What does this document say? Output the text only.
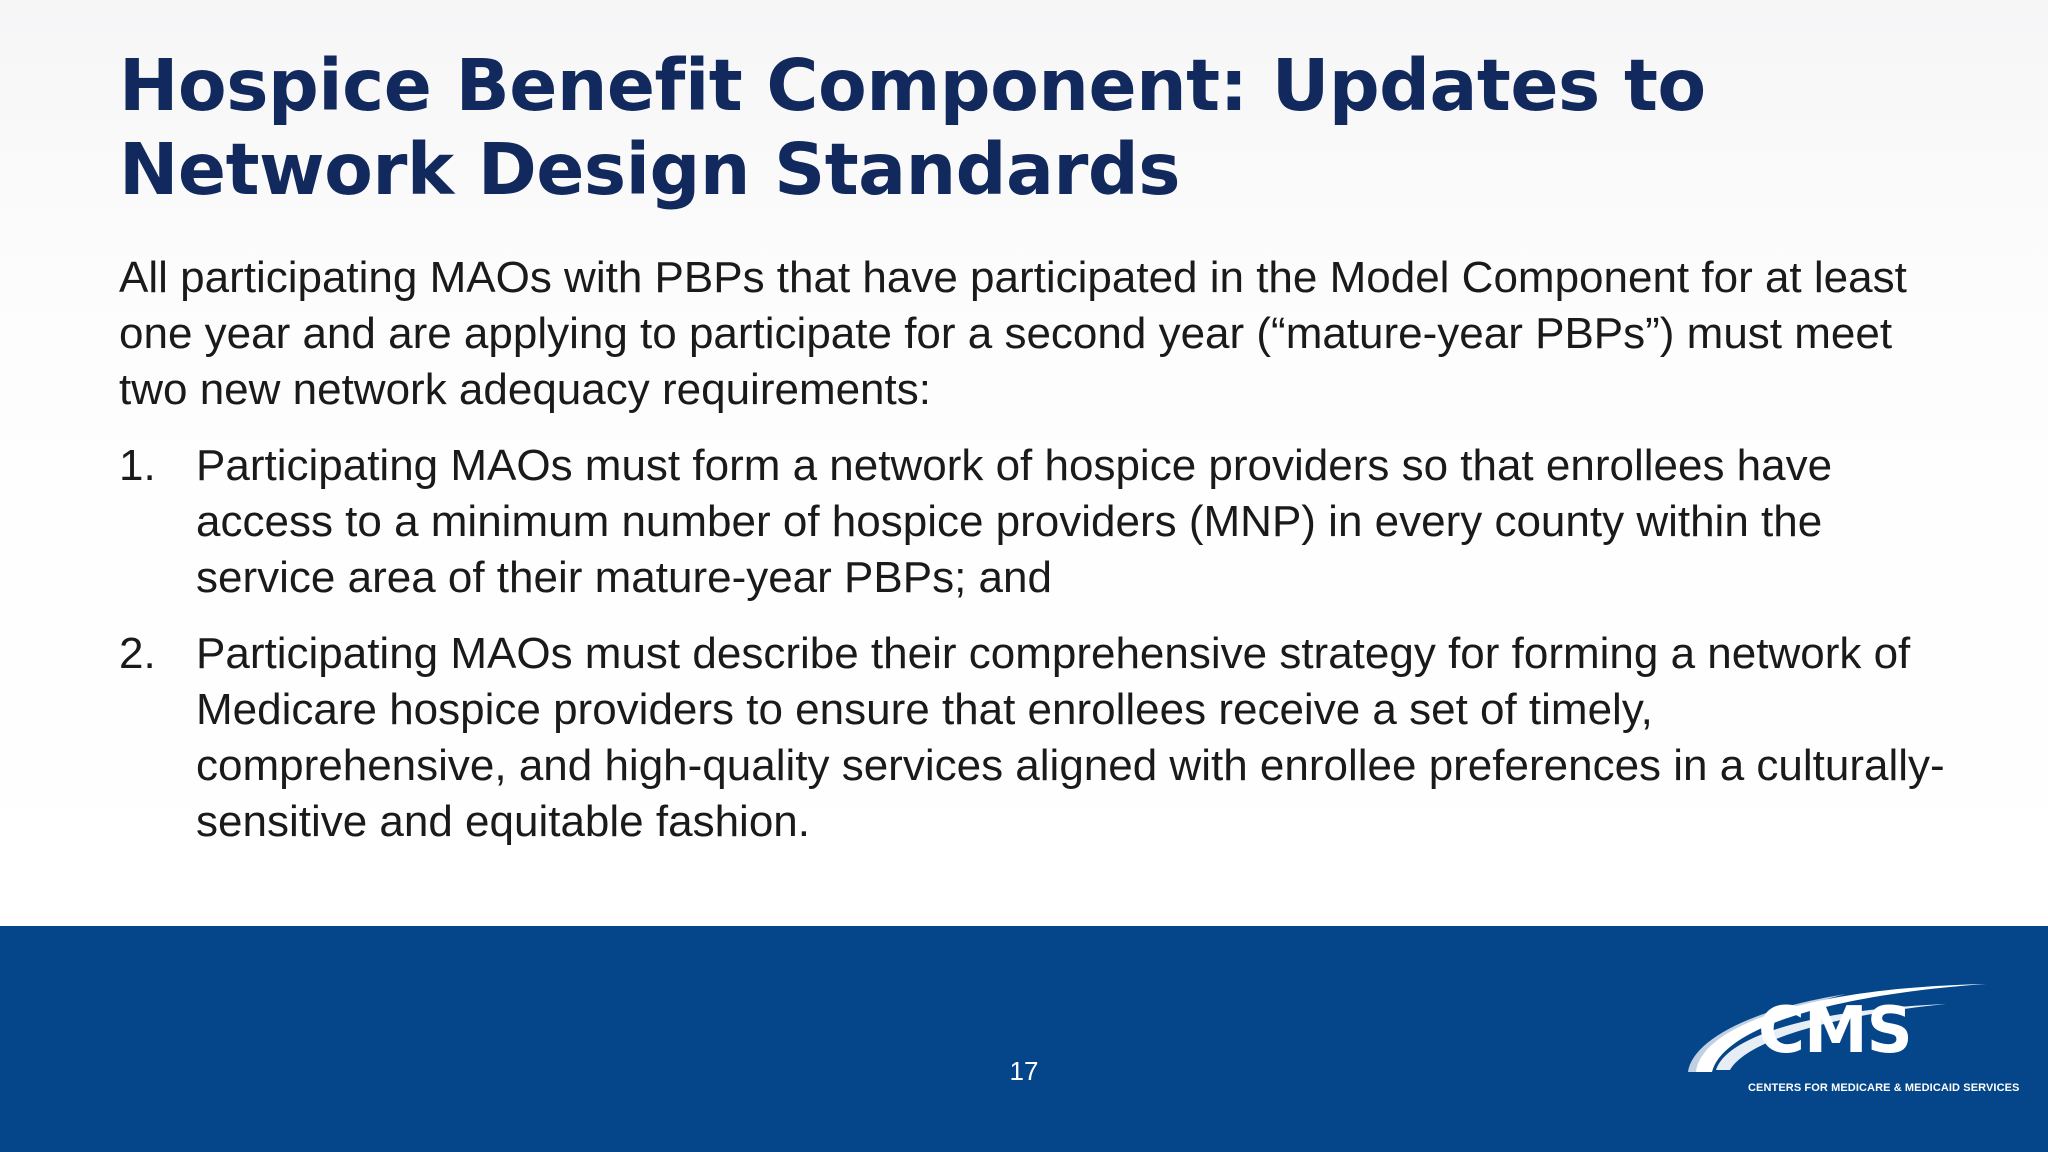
Hospice Benefit Component: Updates to Network Design Standards

All participating MAOs with PBPs that have participated in the Model Component for at least one year and are applying to participate for a second year (“mature-year PBPs”) must meet two new network adequacy requirements:

1. Participating MAOs must form a network of hospice providers so that enrollees have access to a minimum number of hospice providers (MNP) in every county within the service area of their mature-year PBPs; and
2. Participating MAOs must describe their comprehensive strategy for forming a network of Medicare hospice providers to ensure that enrollees receive a set of timely, comprehensive, and high-quality services aligned with enrollee preferences in a culturally-sensitive and equitable fashion.
17
CMS
CENTERS FOR MEDICARE & MEDICAID SERVICES
